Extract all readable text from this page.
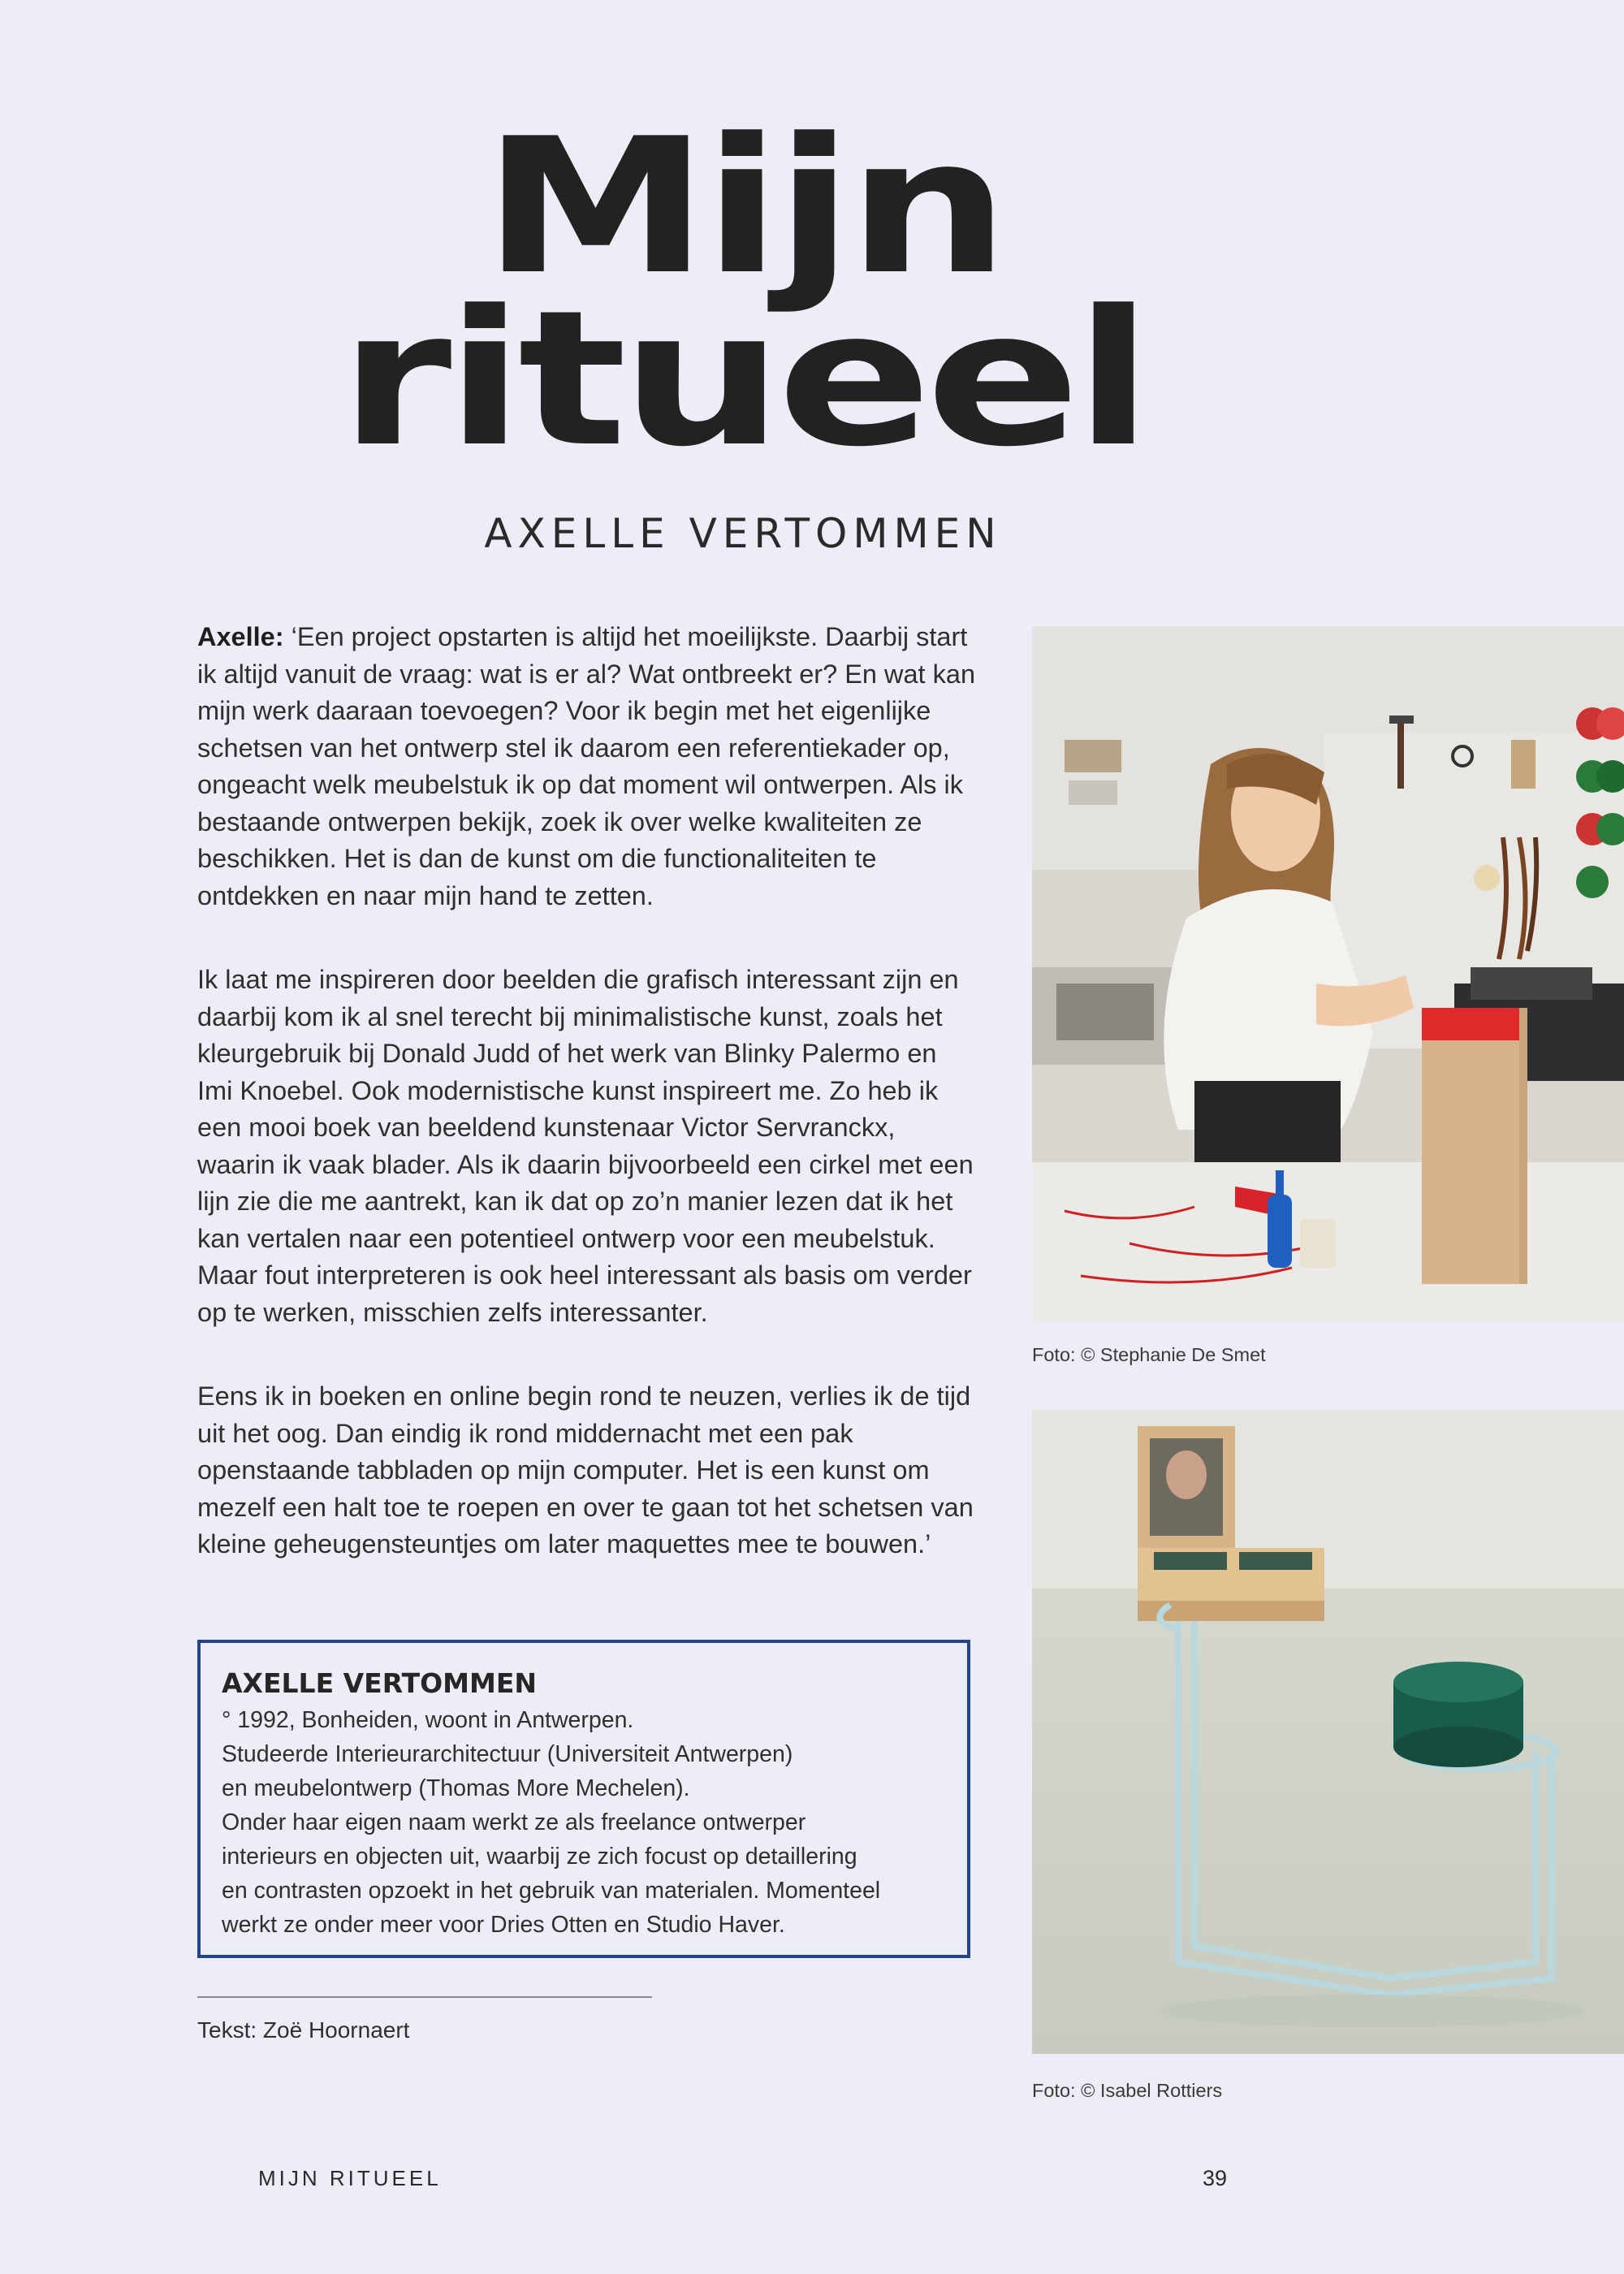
Mijn
ritueel
AXELLE VERTOMMEN

Axelle: ‘Een project opstarten is altijd het moeilijkste. Daarbij start ik altijd vanuit de vraag: wat is er al? Wat ontbreekt er? En wat kan mijn werk daaraan toevoegen? Voor ik begin met het eigenlijke schetsen van het ontwerp stel ik daarom een referentiekader op, ongeacht welk meubelstuk ik op dat moment wil ontwerpen. Als ik bestaande ontwerpen bekijk, zoek ik over welke kwaliteiten ze beschikken. Het is dan de kunst om die functionaliteiten te ontdekken en naar mijn hand te zetten.

Ik laat me inspireren door beelden die grafisch interessant zijn en daarbij kom ik al snel terecht bij minimalistische kunst, zoals het kleurgebruik bij Donald Judd of het werk van Blinky Palermo en Imi Knoebel. Ook modernistische kunst inspireert me. Zo heb ik een mooi boek van beeldend kunstenaar Victor Servranckx, waarin ik vaak blader. Als ik daarin bijvoorbeeld een cirkel met een lijn zie die me aantrekt, kan ik dat op zo’n manier lezen dat ik het kan vertalen naar een potentieel ontwerp voor een meubelstuk. Maar fout interpreteren is ook heel interessant als basis om verder op te werken, misschien zelfs interessanter.

Eens ik in boeken en online begin rond te neuzen, verlies ik de tijd uit het oog. Dan eindig ik rond middernacht met een pak openstaande tabbladen op mijn computer. Het is een kunst om mezelf een halt toe te roepen en over te gaan tot het schetsen van kleine geheugensteuntjes om later maquettes mee te bouwen.’

AXELLE VERTOMMEN
° 1992, Bonheiden, woont in Antwerpen.
Studeerde Interieurarchitectuur (Universiteit Antwerpen)
en meubelontwerp (Thomas More Mechelen).
Onder haar eigen naam werkt ze als freelance ontwerper
interieurs en objecten uit, waarbij ze zich focust op detaillering
en contrasten opzoekt in het gebruik van materialen. Momenteel
werkt ze onder meer voor Dries Otten en Studio Haver.
Tekst: Zoë Hoornaert
Foto: © Stephanie De Smet
Foto: © Isabel Rottiers
MIJN RITUEEL	39
